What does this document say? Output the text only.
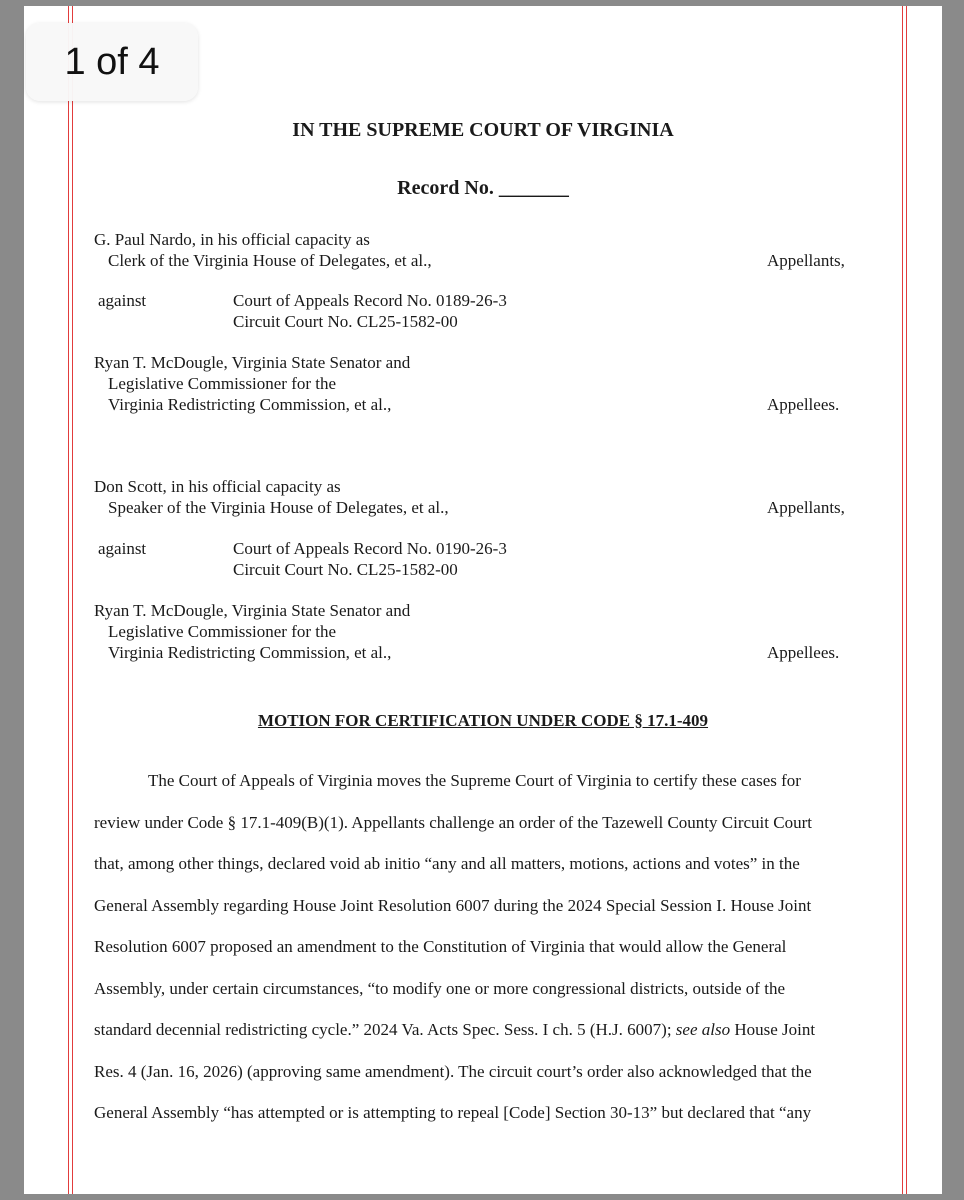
IN THE SUPREME COURT OF VIRGINIA
Record No. _______
G. Paul Nardo, in his official capacity as
Clerk of the Virginia House of Delegates, et al.,	Appellants,
against	Court of Appeals Record No. 0189-26-3
Circuit Court No. CL25-1582-00
Ryan T. McDougle, Virginia State Senator and
Legislative Commissioner for the
Virginia Redistricting Commission, et al.,	Appellees.
Don Scott, in his official capacity as
Speaker of the Virginia House of Delegates, et al.,	Appellants,
against	Court of Appeals Record No. 0190-26-3
Circuit Court No. CL25-1582-00
Ryan T. McDougle, Virginia State Senator and
Legislative Commissioner for the
Virginia Redistricting Commission, et al.,	Appellees.
MOTION FOR CERTIFICATION UNDER CODE § 17.1-409
The Court of Appeals of Virginia moves the Supreme Court of Virginia to certify these cases for
review under Code § 17.1-409(B)(1). Appellants challenge an order of the Tazewell County Circuit Court
that, among other things, declared void ab initio “any and all matters, motions, actions and votes” in the
General Assembly regarding House Joint Resolution 6007 during the 2024 Special Session I. House Joint
Resolution 6007 proposed an amendment to the Constitution of Virginia that would allow the General
Assembly, under certain circumstances, “to modify one or more congressional districts, outside of the
standard decennial redistricting cycle.” 2024 Va. Acts Spec. Sess. I ch. 5 (H.J. 6007); see also House Joint
Res. 4 (Jan. 16, 2026) (approving same amendment). The circuit court’s order also acknowledged that the
General Assembly “has attempted or is attempting to repeal [Code] Section 30-13” but declared that “any
1 of 4
